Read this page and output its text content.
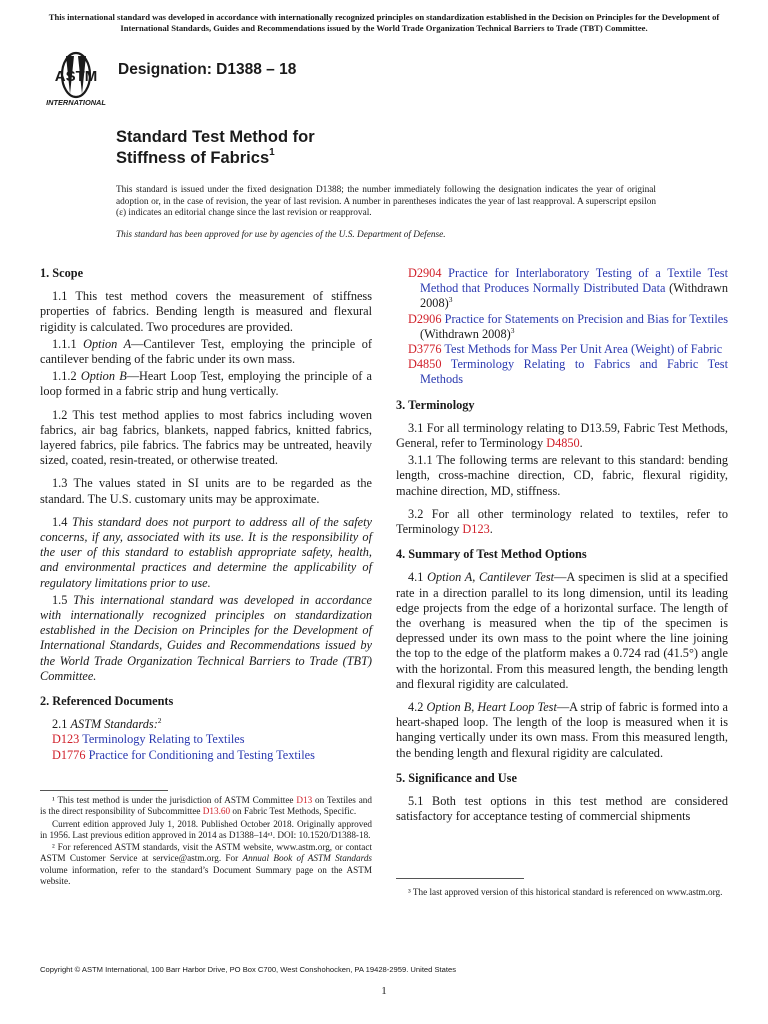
This international standard was developed in accordance with internationally recognized principles on standardization established in the Decision on Principles for the Development of International Standards, Guides and Recommendations issued by the World Trade Organization Technical Barriers to Trade (TBT) Committee.
ASTM
INTERNATIONAL
Designation: D1388 – 18
Standard Test Method for
Stiffness of Fabrics$^1$
This standard is issued under the fixed designation D1388; the number immediately following the designation indicates the year of original adoption or, in the case of revision, the year of last revision. A number in parentheses indicates the year of last reapproval. A superscript epsilon (ε) indicates an editorial change since the last revision or reapproval.
This standard has been approved for use by agencies of the U.S. Department of Defense.
1. Scope
1.1 This test method covers the measurement of stiffness properties of fabrics. Bending length is measured and flexural rigidity is calculated. Two procedures are provided.
1.1.1 Option A—Cantilever Test, employing the principle of cantilever bending of the fabric under its own mass.
1.1.2 Option B—Heart Loop Test, employing the principle of a loop formed in a fabric strip and hung vertically.
1.2 This test method applies to most fabrics including woven fabrics, air bag fabrics, blankets, napped fabrics, knitted fabrics, layered fabrics, pile fabrics. The fabrics may be untreated, heavily sized, coated, resin-treated, or otherwise treated.
1.3 The values stated in SI units are to be regarded as the standard. The U.S. customary units may be approximate.
1.4 This standard does not purport to address all of the safety concerns, if any, associated with its use. It is the responsibility of the user of this standard to establish appropriate safety, health, and environmental practices and determine the applicability of regulatory limitations prior to use.
1.5 This international standard was developed in accordance with internationally recognized principles on standardization established in the Decision on Principles for the Development of International Standards, Guides and Recommendations issued by the World Trade Organization Technical Barriers to Trade (TBT) Committee.
2. Referenced Documents
2.1 ASTM Standards:$^2$
D123 Terminology Relating to Textiles
D1776 Practice for Conditioning and Testing Textiles
D2904 Practice for Interlaboratory Testing of a Textile Test Method that Produces Normally Distributed Data (Withdrawn 2008)$^3$
D2906 Practice for Statements on Precision and Bias for Textiles (Withdrawn 2008)$^3$
D3776 Test Methods for Mass Per Unit Area (Weight) of Fabric
D4850 Terminology Relating to Fabrics and Fabric Test Methods
3. Terminology
3.1 For all terminology relating to D13.59, Fabric Test Methods, General, refer to Terminology D4850.
3.1.1 The following terms are relevant to this standard: bending length, cross-machine direction, CD, fabric, flexural rigidity, machine direction, MD, stiffness.
3.2 For all other terminology related to textiles, refer to Terminology D123.
4. Summary of Test Method Options
4.1 Option A, Cantilever Test—A specimen is slid at a specified rate in a direction parallel to its long dimension, until its leading edge projects from the edge of a horizontal surface. The length of the overhang is measured when the tip of the specimen is depressed under its own mass to the point where the line joining the top to the edge of the platform makes a 0.724 rad (41.5°) angle with the horizontal. From this measured length, the bending length and flexural rigidity are calculated.
4.2 Option B, Heart Loop Test—A strip of fabric is formed into a heart-shaped loop. The length of the loop is measured when it is hanging vertically under its own mass. From this measured length, the bending length and flexural rigidity are calculated.
5. Significance and Use
5.1 Both test options in this test method are considered satisfactory for acceptance testing of commercial shipments
¹ This test method is under the jurisdiction of ASTM Committee D13 on Textiles and is the direct responsibility of Subcommittee D13.60 on Fabric Test Methods, Specific.
Current edition approved July 1, 2018. Published October 2018. Originally approved in 1956. Last previous edition approved in 2014 as D1388–14ᵉ¹. DOI: 10.1520/D1388-18.
² For referenced ASTM standards, visit the ASTM website, www.astm.org, or contact ASTM Customer Service at service@astm.org. For Annual Book of ASTM Standards volume information, refer to the standard’s Document Summary page on the ASTM website.
³ The last approved version of this historical standard is referenced on www.astm.org.
Copyright © ASTM International, 100 Barr Harbor Drive, PO Box C700, West Conshohocken, PA 19428-2959. United States
1
